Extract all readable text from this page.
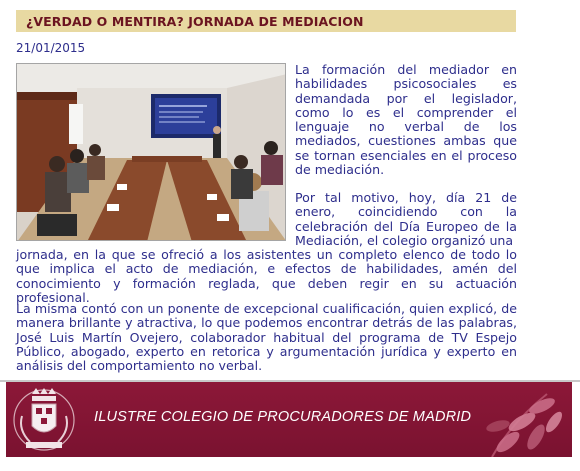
¿VERDAD O MENTIRA? JORNADA DE MEDIACION
21/01/2015
La formación del mediador en habilidades psicosociales es demandada por el legislador, como lo es el comprender el lenguaje no verbal de los mediados, cuestiones ambas que se tornan esenciales en el proceso de mediación.
Por tal motivo, hoy, día 21 de enero, coincidiendo con la celebración del Día Europeo de la Mediación, el colegio organizó una
jornada, en la que se ofreció a los asistentes un completo elenco de todo lo que implica el acto de mediación, e efectos de habilidades, amén del conocimiento y formación reglada, que deben regir en su actuación profesional.
La misma contó con un ponente de excepcional cualificación, quien explicó, de manera brillante y atractiva, lo que podemos encontrar detrás de las palabras, José Luis Martín Ovejero, colaborador habitual del programa de TV Espejo Público, abogado, experto en retorica y argumentación jurídica y experto en análisis del comportamiento no verbal.
ILUSTRE COLEGIO DE PROCURADORES DE MADRID
